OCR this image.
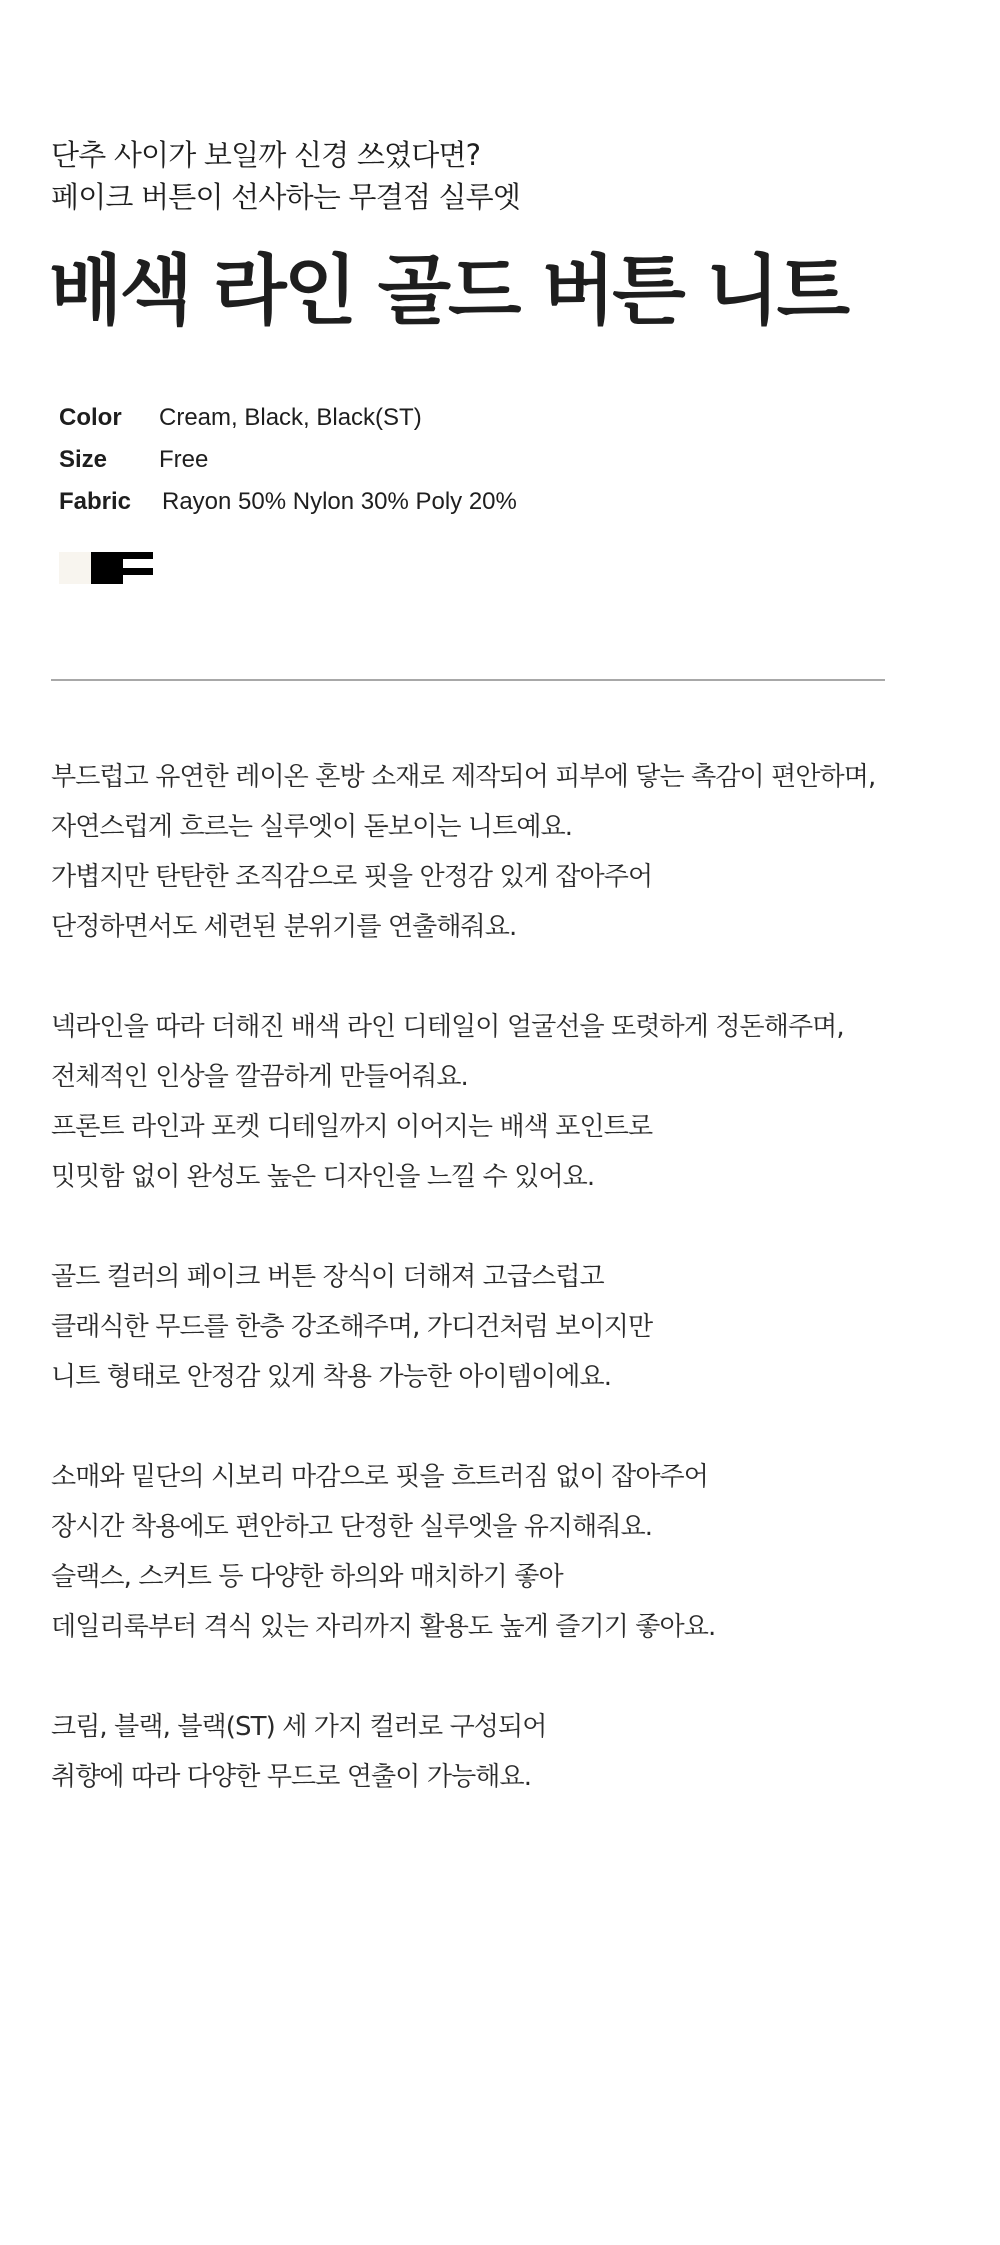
단추 사이가 보일까 신경 쓰였다면?
페이크 버튼이 선사하는 무결점 실루엣
배색 라인 골드 버튼 니트
Color	Cream, Black, Black(ST)
Size	Free
Fabric	Rayon 50% Nylon 30% Poly 20%
부드럽고 유연한 레이온 혼방 소재로 제작되어 피부에 닿는 촉감이 편안하며,
자연스럽게 흐르는 실루엣이 돋보이는 니트예요.
가볍지만 탄탄한 조직감으로 핏을 안정감 있게 잡아주어
단정하면서도 세련된 분위기를 연출해줘요.
넥라인을 따라 더해진 배색 라인 디테일이 얼굴선을 또렷하게 정돈해주며,
전체적인 인상을 깔끔하게 만들어줘요.
프론트 라인과 포켓 디테일까지 이어지는 배색 포인트로
밋밋함 없이 완성도 높은 디자인을 느낄 수 있어요.
골드 컬러의 페이크 버튼 장식이 더해져 고급스럽고
클래식한 무드를 한층 강조해주며, 가디건처럼 보이지만
니트 형태로 안정감 있게 착용 가능한 아이템이에요.
소매와 밑단의 시보리 마감으로 핏을 흐트러짐 없이 잡아주어
장시간 착용에도 편안하고 단정한 실루엣을 유지해줘요.
슬랙스, 스커트 등 다양한 하의와 매치하기 좋아
데일리룩부터 격식 있는 자리까지 활용도 높게 즐기기 좋아요.
크림, 블랙, 블랙(ST) 세 가지 컬러로 구성되어
취향에 따라 다양한 무드로 연출이 가능해요.
